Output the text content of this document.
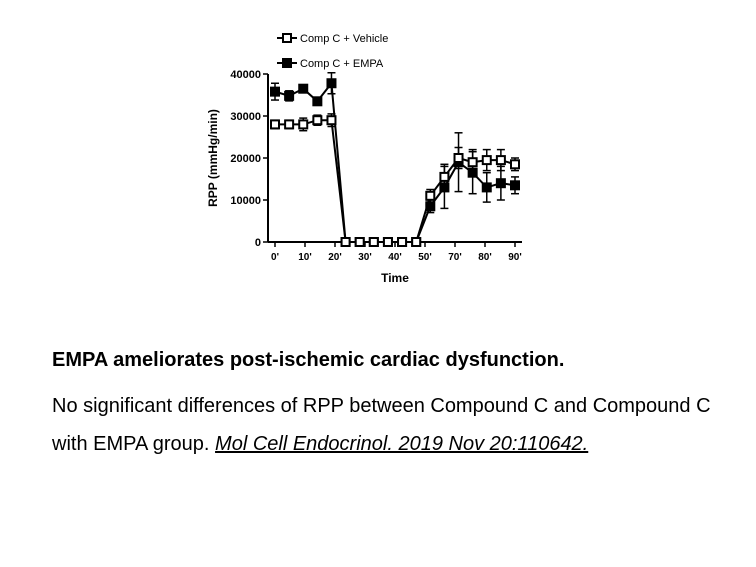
Comp C + Vehicle
Comp C + EMPA
0
10000
20000
30000
40000
0' 10' 20' 30' 40' 50' 70' 80' 90'
Time
RPP (mmHg/min)
EMPA ameliorates post-ischemic cardiac dysfunction.
No significant differences of RPP between Compound C and Compound C with EMPA group. Mol Cell Endocrinol. 2019 Nov 20:110642.
